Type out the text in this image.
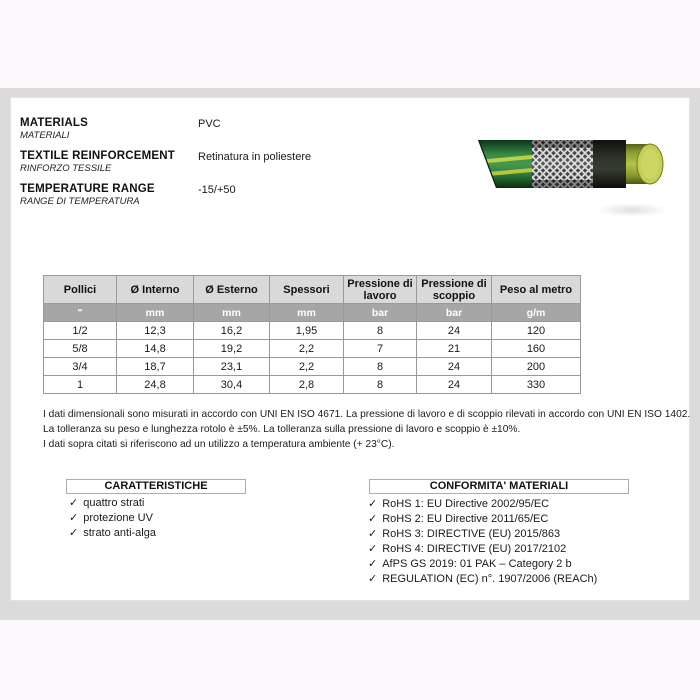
MATERIALS
MATERIALI
PVC
TEXTILE REINFORCEMENT
RINFORZO TESSILE
Retinatura in poliestere
TEMPERATURE RANGE
RANGE DI TEMPERATURA
-15/+50
Pollici	Ø Interno	Ø Esterno	Spessori	Pressione di lavoro	Pressione di scoppio	Peso al metro
"	mm	mm	mm	bar	bar	g/m
1/2	12,3	16,2	1,95	8	24	120
5/8	14,8	19,2	2,2	7	21	160
3/4	18,7	23,1	2,2	8	24	200
1	24,8	30,4	2,8	8	24	330
I dati dimensionali sono misurati in accordo con UNI EN ISO 4671. La pressione di lavoro e di scoppio rilevati in accordo con UNI EN ISO 1402.
La tolleranza su peso e lunghezza rotolo è ±5%. La tolleranza sulla pressione di lavoro e scoppio è ±10%.
I dati sopra citati si riferiscono ad un utilizzo a temperatura ambiente (+ 23°C).
CARATTERISTICHE
✓ quattro strati
✓ protezione UV
✓ strato anti-alga
CONFORMITA' MATERIALI
✓ RoHS 1: EU Directive 2002/95/EC
✓ RoHS 2: EU Directive 2011/65/EC
✓ RoHS 3: DIRECTIVE (EU) 2015/863
✓ RoHS 4: DIRECTIVE (EU) 2017/2102
✓ AfPS GS 2019: 01 PAK – Category 2 b
✓ REGULATION (EC) n°. 1907/2006 (REACh)
